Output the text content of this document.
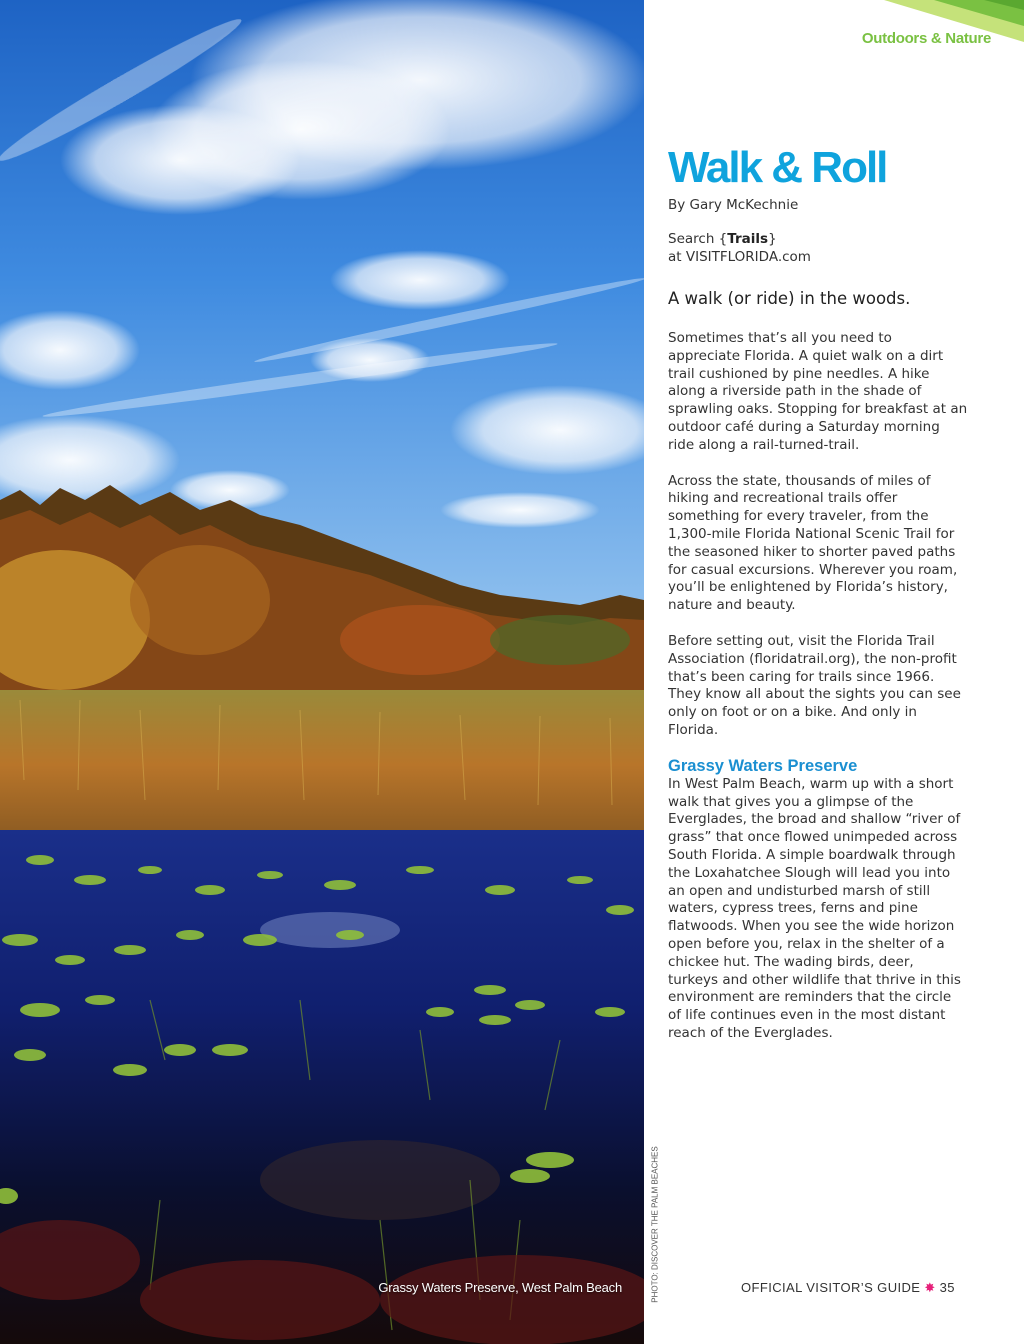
Grassy Waters Preserve, West Palm Beach	PHOTO: DISCOVER THE PALM BEACHES
Outdoors & Nature
Walk & Roll
By Gary McKechnie
Search {Trails}
at VISITFLORIDA.com
A walk (or ride) in the woods.

Sometimes that’s all you need to appreciate Florida. A quiet walk on a dirt trail cushioned by pine needles. A hike along a riverside path in the shade of sprawling oaks. Stopping for breakfast at an outdoor café during a Saturday morning ride along a rail-turned-trail.

Across the state, thousands of miles of hiking and recreational trails offer something for every traveler, from the 1,300-mile Florida National Scenic Trail for the seasoned hiker to shorter paved paths for casual excursions. Wherever you roam, you’ll be enlightened by Florida’s history, nature and beauty.

Before setting out, visit the Florida Trail Association (floridatrail.org), the non-profit that’s been caring for trails since 1966. They know all about the sights you can see only on foot or on a bike. And only in Florida.

Grassy Waters Preserve

In West Palm Beach, warm up with a short walk that gives you a glimpse of the Everglades, the broad and shallow “river of grass” that once flowed unimpeded across South Florida. A simple boardwalk through the Loxahatchee Slough will lead you into an open and undisturbed marsh of still waters, cypress trees, ferns and pine flatwoods. When you see the wide horizon open before you, relax in the shelter of a chickee hut. The wading birds, deer, turkeys and other wildlife that thrive in this environment are reminders that the circle of life continues even in the most distant reach of the Everglades.

OFFICIAL VISITOR’S GUIDE ✸ 35
